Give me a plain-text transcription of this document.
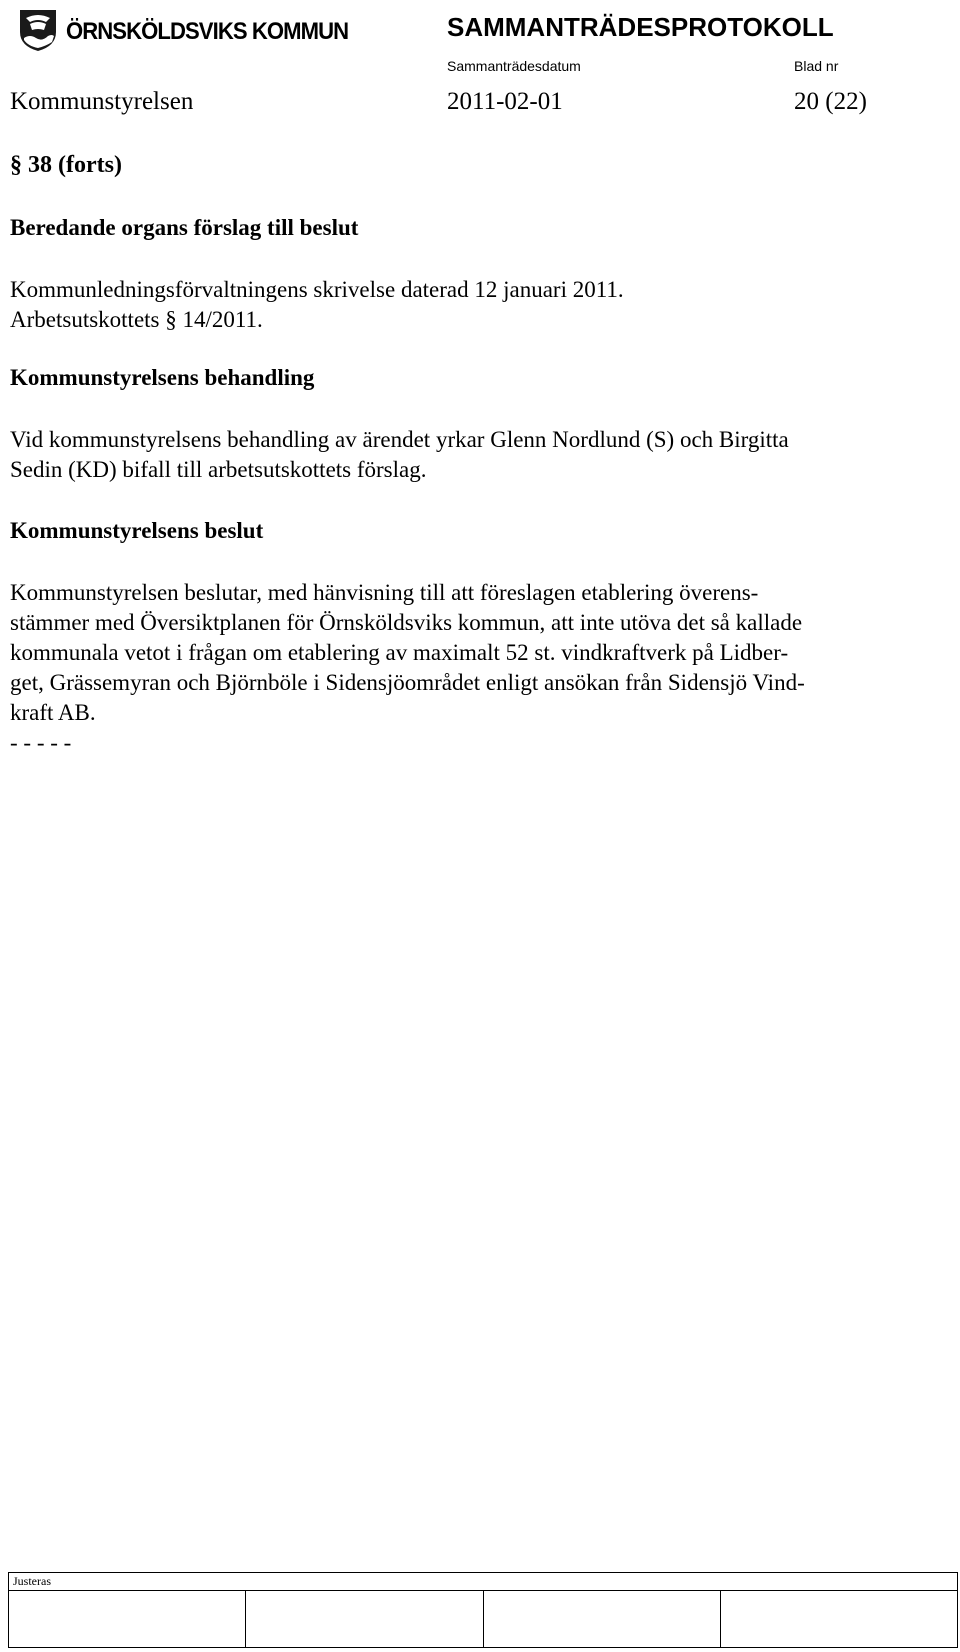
ÖRNSKÖLDSVIKS KOMMUN	SAMMANTRÄDESPROTOKOLL
Sammanträdesdatum	Blad nr
Kommunstyrelsen	2011-02-01	20 (22)
§ 38 (forts)
Beredande organs förslag till beslut
Kommunledningsförvaltningens skrivelse daterad 12 januari 2011.
Arbetsutskottets § 14/2011.
Kommunstyrelsens behandling
Vid kommunstyrelsens behandling av ärendet yrkar Glenn Nordlund (S) och Birgitta
Sedin (KD) bifall till arbetsutskottets förslag.
Kommunstyrelsens beslut
Kommunstyrelsen beslutar, med hänvisning till att föreslagen etablering överens-
stämmer med Översiktplanen för Örnsköldsviks kommun, att inte utöva det så kallade
kommunala vetot i frågan om etablering av maximalt 52 st. vindkraftverk på Lidber-
get, Grässemyran och Björnböle i Sidensjöområdet enligt ansökan från Sidensjö Vind-
kraft AB.
- - - - -
Justeras
